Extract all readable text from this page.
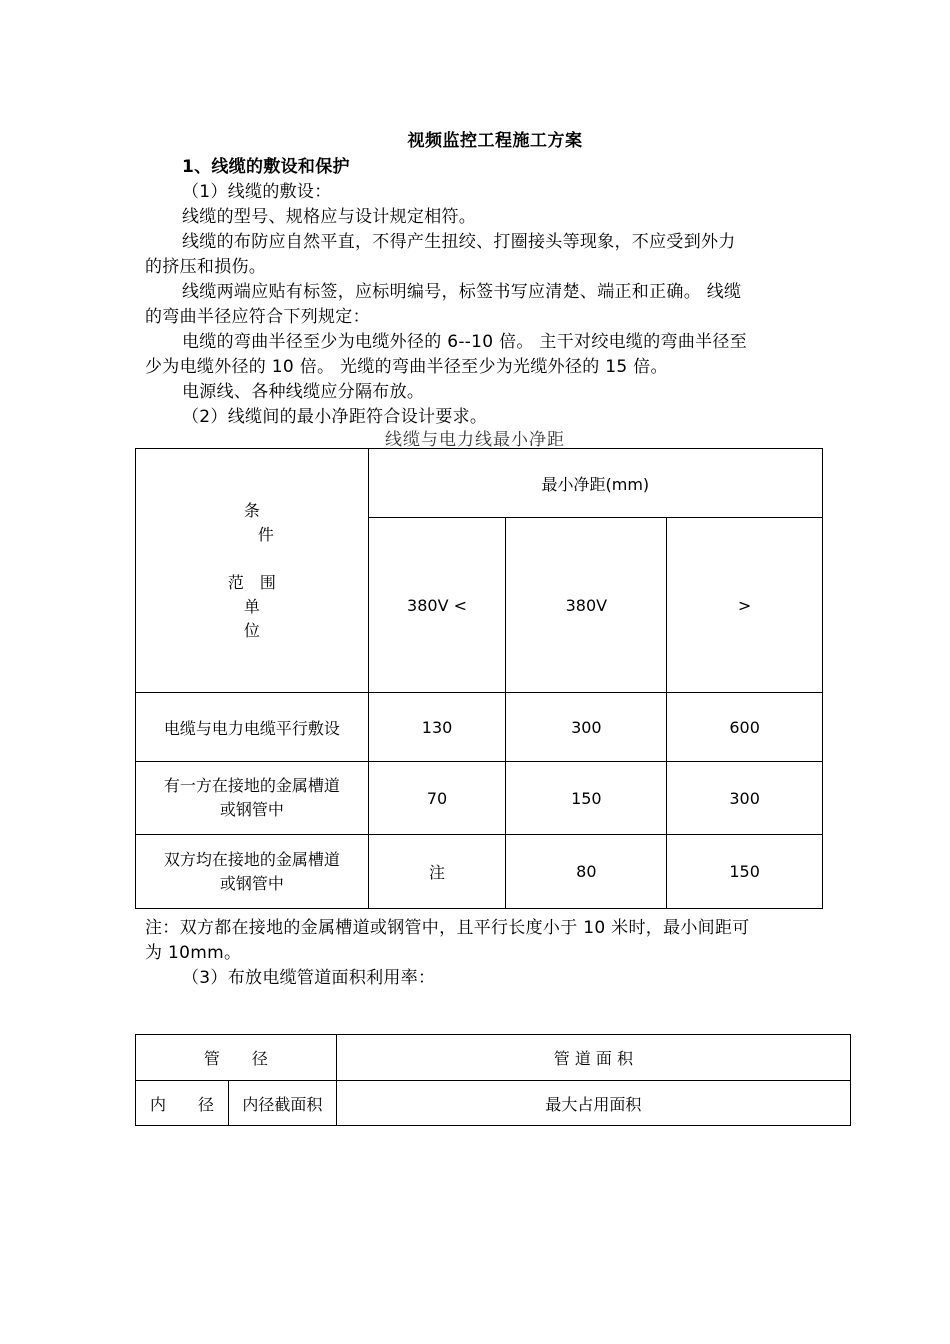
视频监控工程施工方案
1、线缆的敷设和保护
（1）线缆的敷设：
线缆的型号、规格应与设计规定相符。
线缆的布防应自然平直，不得产生扭绞、打圈接头等现象，不应受到外力
的挤压和损伤。
线缆两端应贴有标签，应标明编号，标签书写应清楚、端正和正确。 线缆
的弯曲半径应符合下列规定：
电缆的弯曲半径至少为电缆外径的 6--10 倍。 主干对绞电缆的弯曲半径至
少为电缆外径的 10 倍。 光缆的弯曲半径至少为光缆外径的 15 倍。
电源线、各种线缆应分隔布放。
（2）线缆间的最小净距符合设计要求。
线缆与电力线最小净距
条
件
范　围
单
位	最小净距(mm)		
	380V <	380V	>
电缆与电力电缆平行敷设	130	300	600

有一方在接地的金属槽道
或钢管中	70	150	300

双方均在接地的金属槽道
或钢管中	注	80	150
注：双方都在接地的金属槽道或钢管中，且平行长度小于 10 米时，最小间距可
为 10mm。
（3）布放电缆管道面积利用率：
管　　径		管 道 面 积
内　　径	内径截面积	最大占用面积
